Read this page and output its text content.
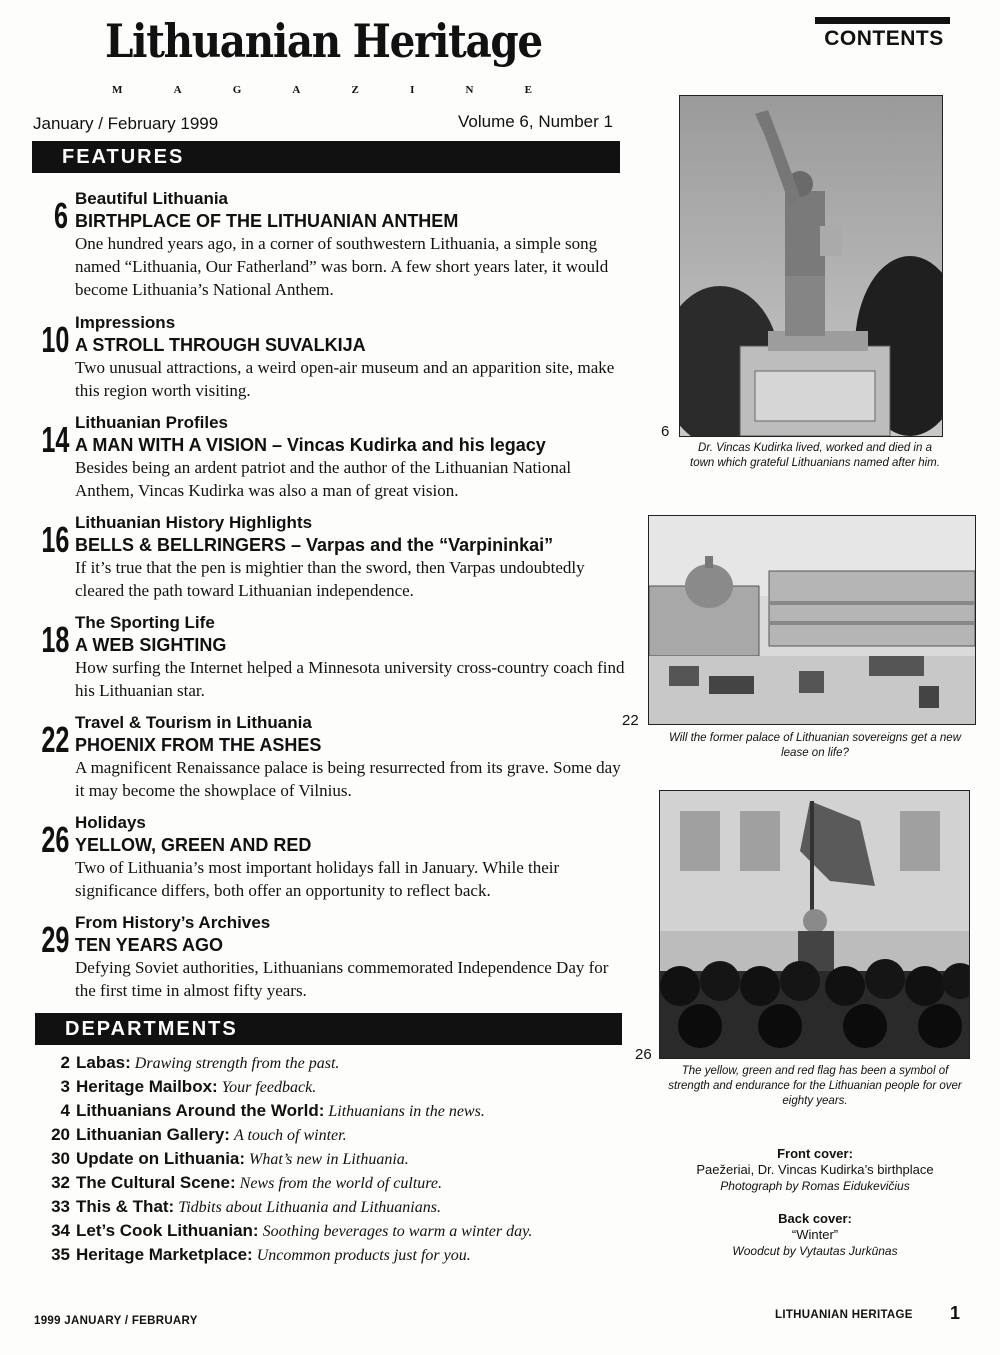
Lithuanian Heritage
M	A	G	A	Z	I	N	E
January / February 1999	Volume 6, Number 1
CONTENTS
FEATURES
6 Beautiful Lithuania
BIRTHPLACE OF THE LITHUANIAN ANTHEM
One hundred years ago, in a corner of southwestern Lithuania, a simple song named “Lithuania, Our Fatherland” was born. A few short years later, it would become Lithuania’s National Anthem.
10 Impressions
A STROLL THROUGH SUVALKIJA
Two unusual attractions, a weird open-air museum and an apparition site, make this region worth visiting.
14 Lithuanian Profiles
A MAN WITH A VISION – Vincas Kudirka and his legacy
Besides being an ardent patriot and the author of the Lithuanian National Anthem, Vincas Kudirka was also a man of great vision.
16 Lithuanian History Highlights
BELLS & BELLRINGERS – Varpas and the “Varpininkai”
If it’s true that the pen is mightier than the sword, then Varpas undoubtedly cleared the path toward Lithuanian independence.
18 The Sporting Life
A WEB SIGHTING
How surfing the Internet helped a Minnesota university cross-country coach find his Lithuanian star.
22 Travel & Tourism in Lithuania
PHOENIX FROM THE ASHES
A magnificent Renaissance palace is being resurrected from its grave. Some day it may become the showplace of Vilnius.
26 Holidays
YELLOW, GREEN AND RED
Two of Lithuania’s most important holidays fall in January. While their significance differs, both offer an opportunity to reflect back.
29 From History’s Archives
TEN YEARS AGO
Defying Soviet authorities, Lithuanians commemorated Independence Day for the first time in almost fifty years.
DEPARTMENTS
2 Labas: Drawing strength from the past.
3 Heritage Mailbox: Your feedback.
4 Lithuanians Around the World: Lithuanians in the news.
20 Lithuanian Gallery: A touch of winter.
30 Update on Lithuania: What’s new in Lithuania.
32 The Cultural Scene: News from the world of culture.
33 This & That: Tidbits about Lithuania and Lithuanians.
34 Let’s Cook Lithuanian: Soothing beverages to warm a winter day.
35 Heritage Marketplace: Uncommon products just for you.
6
Dr. Vincas Kudirka lived, worked and died in a town which grateful Lithuanians named after him.
22
Will the former palace of Lithuanian sovereigns get a new lease on life?
26
The yellow, green and red flag has been a symbol of strength and endurance for the Lithuanian people for over eighty years.
Front cover:
Paežeriai, Dr. Vincas Kudirka’s birthplace
Photograph by Romas Eidukevičius
Back cover:
“Winter”
Woodcut by Vytautas Jurkūnas
1999 JANUARY / FEBRUARY	LITHUANIAN HERITAGE 1
